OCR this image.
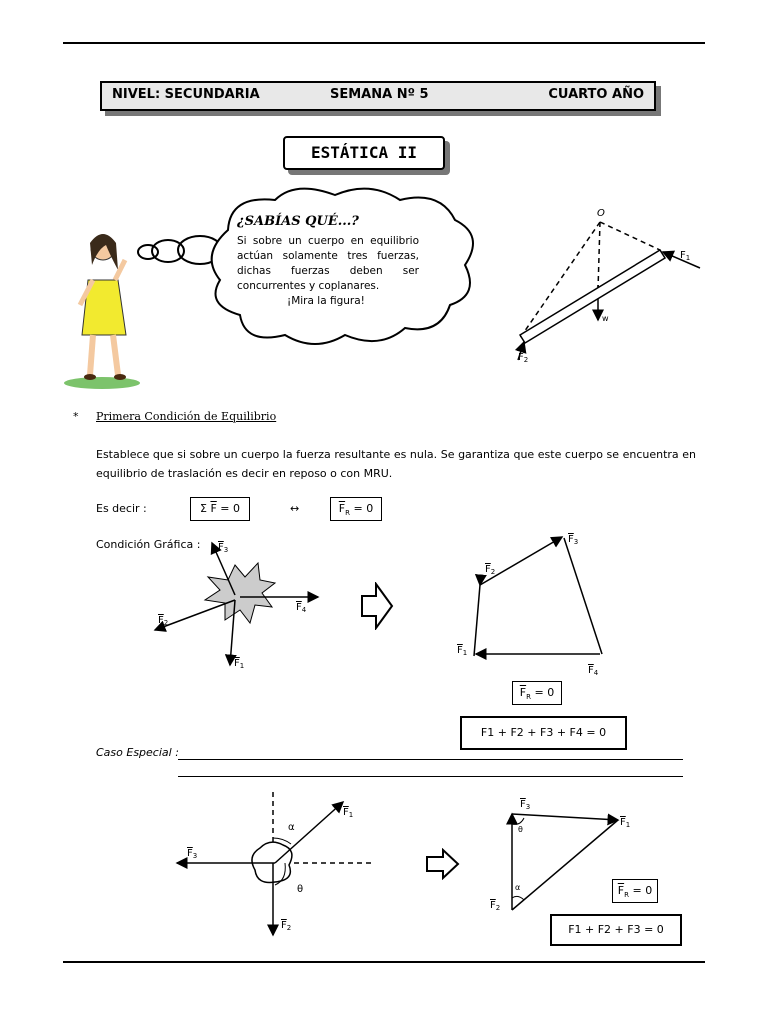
NIVEL: SECUNDARIA	SEMANA Nº 5	CUARTO AÑO
ESTÁTICA II
¿SABÍAS QUÉ...?
Si sobre un cuerpo en equilibrio actúan solamente tres fuerzas, dichas fuerzas deben ser concurrentes y coplanares.
¡Mira la figura!
O
$F_1$
w
$F_2$
* Primera Condición de Equilibrio
Establece que si sobre un cuerpo la fuerza resultante es nula. Se garantiza que este cuerpo se encuentra en equilibrio de traslación es decir en reposo o con MRU.
Es decir :	Σ $\overline{F} = 0$	↔	$\overline{F}_R = 0$
Condición Gráfica : $F_3$
$F_4$
$F_2$
$F_1$
$F_1$
$F_2$
$F_3$
$F_4$
$\overline{F}_R = 0$
F1 + F2 + F3 + F4 = 0
Caso Especial :
α
θ
$F_1$
$F_3$
$F_2$
θ
α
$F_3$
$F_1$
$F_2$
$\overline{F}_R = 0$
F1 + F2 + F3 = 0
